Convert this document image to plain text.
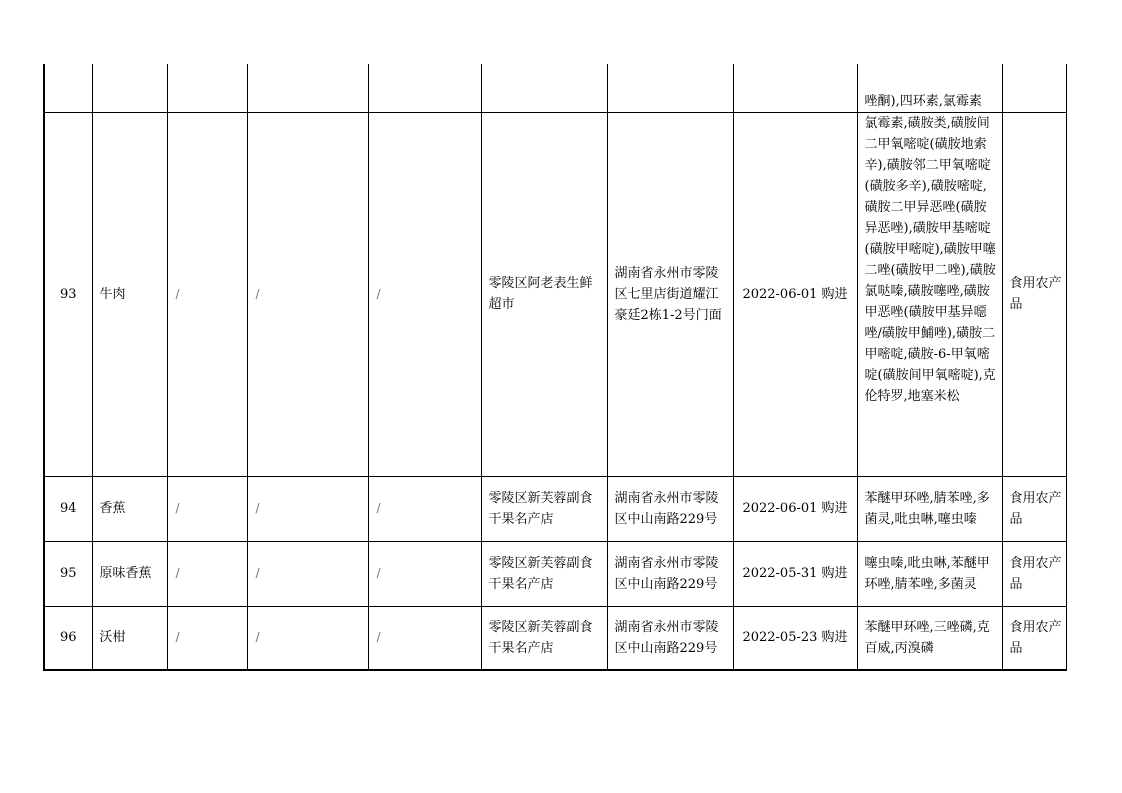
								唑酮),四环素,氯霉素	
93	牛肉	/	/	/	零陵区阿老表生鲜超市	湖南省永州市零陵区七里店街道耀江豪廷2栋1-2号门面	2022-06-01 购进	氯霉素,磺胺类,磺胺间二甲氧嘧啶(磺胺地索辛),磺胺邻二甲氧嘧啶(磺胺多辛),磺胺嘧啶,磺胺二甲异恶唑(磺胺异恶唑),磺胺甲基嘧啶(磺胺甲嘧啶),磺胺甲噻二唑(磺胺甲二唑),磺胺氯哒嗪,磺胺噻唑,磺胺甲恶唑(磺胺甲基异噁唑/磺胺甲鯆唑),磺胺二甲嘧啶,磺胺-6-甲氧嘧啶(磺胺间甲氧嘧啶),克伦特罗,地塞米松	食用农产品
94	香蕉	/	/	/	零陵区新芙蓉副食干果名产店	湖南省永州市零陵区中山南路229号	2022-06-01 购进	苯醚甲环唑,腈苯唑,多菌灵,吡虫啉,噻虫嗪	食用农产品
95	原味香蕉	/	/	/	零陵区新芙蓉副食干果名产店	湖南省永州市零陵区中山南路229号	2022-05-31 购进	噻虫嗪,吡虫啉,苯醚甲环唑,腈苯唑,多菌灵	食用农产品
96	沃柑	/	/	/	零陵区新芙蓉副食干果名产店	湖南省永州市零陵区中山南路229号	2022-05-23 购进	苯醚甲环唑,三唑磷,克百威,丙溴磷	食用农产品
